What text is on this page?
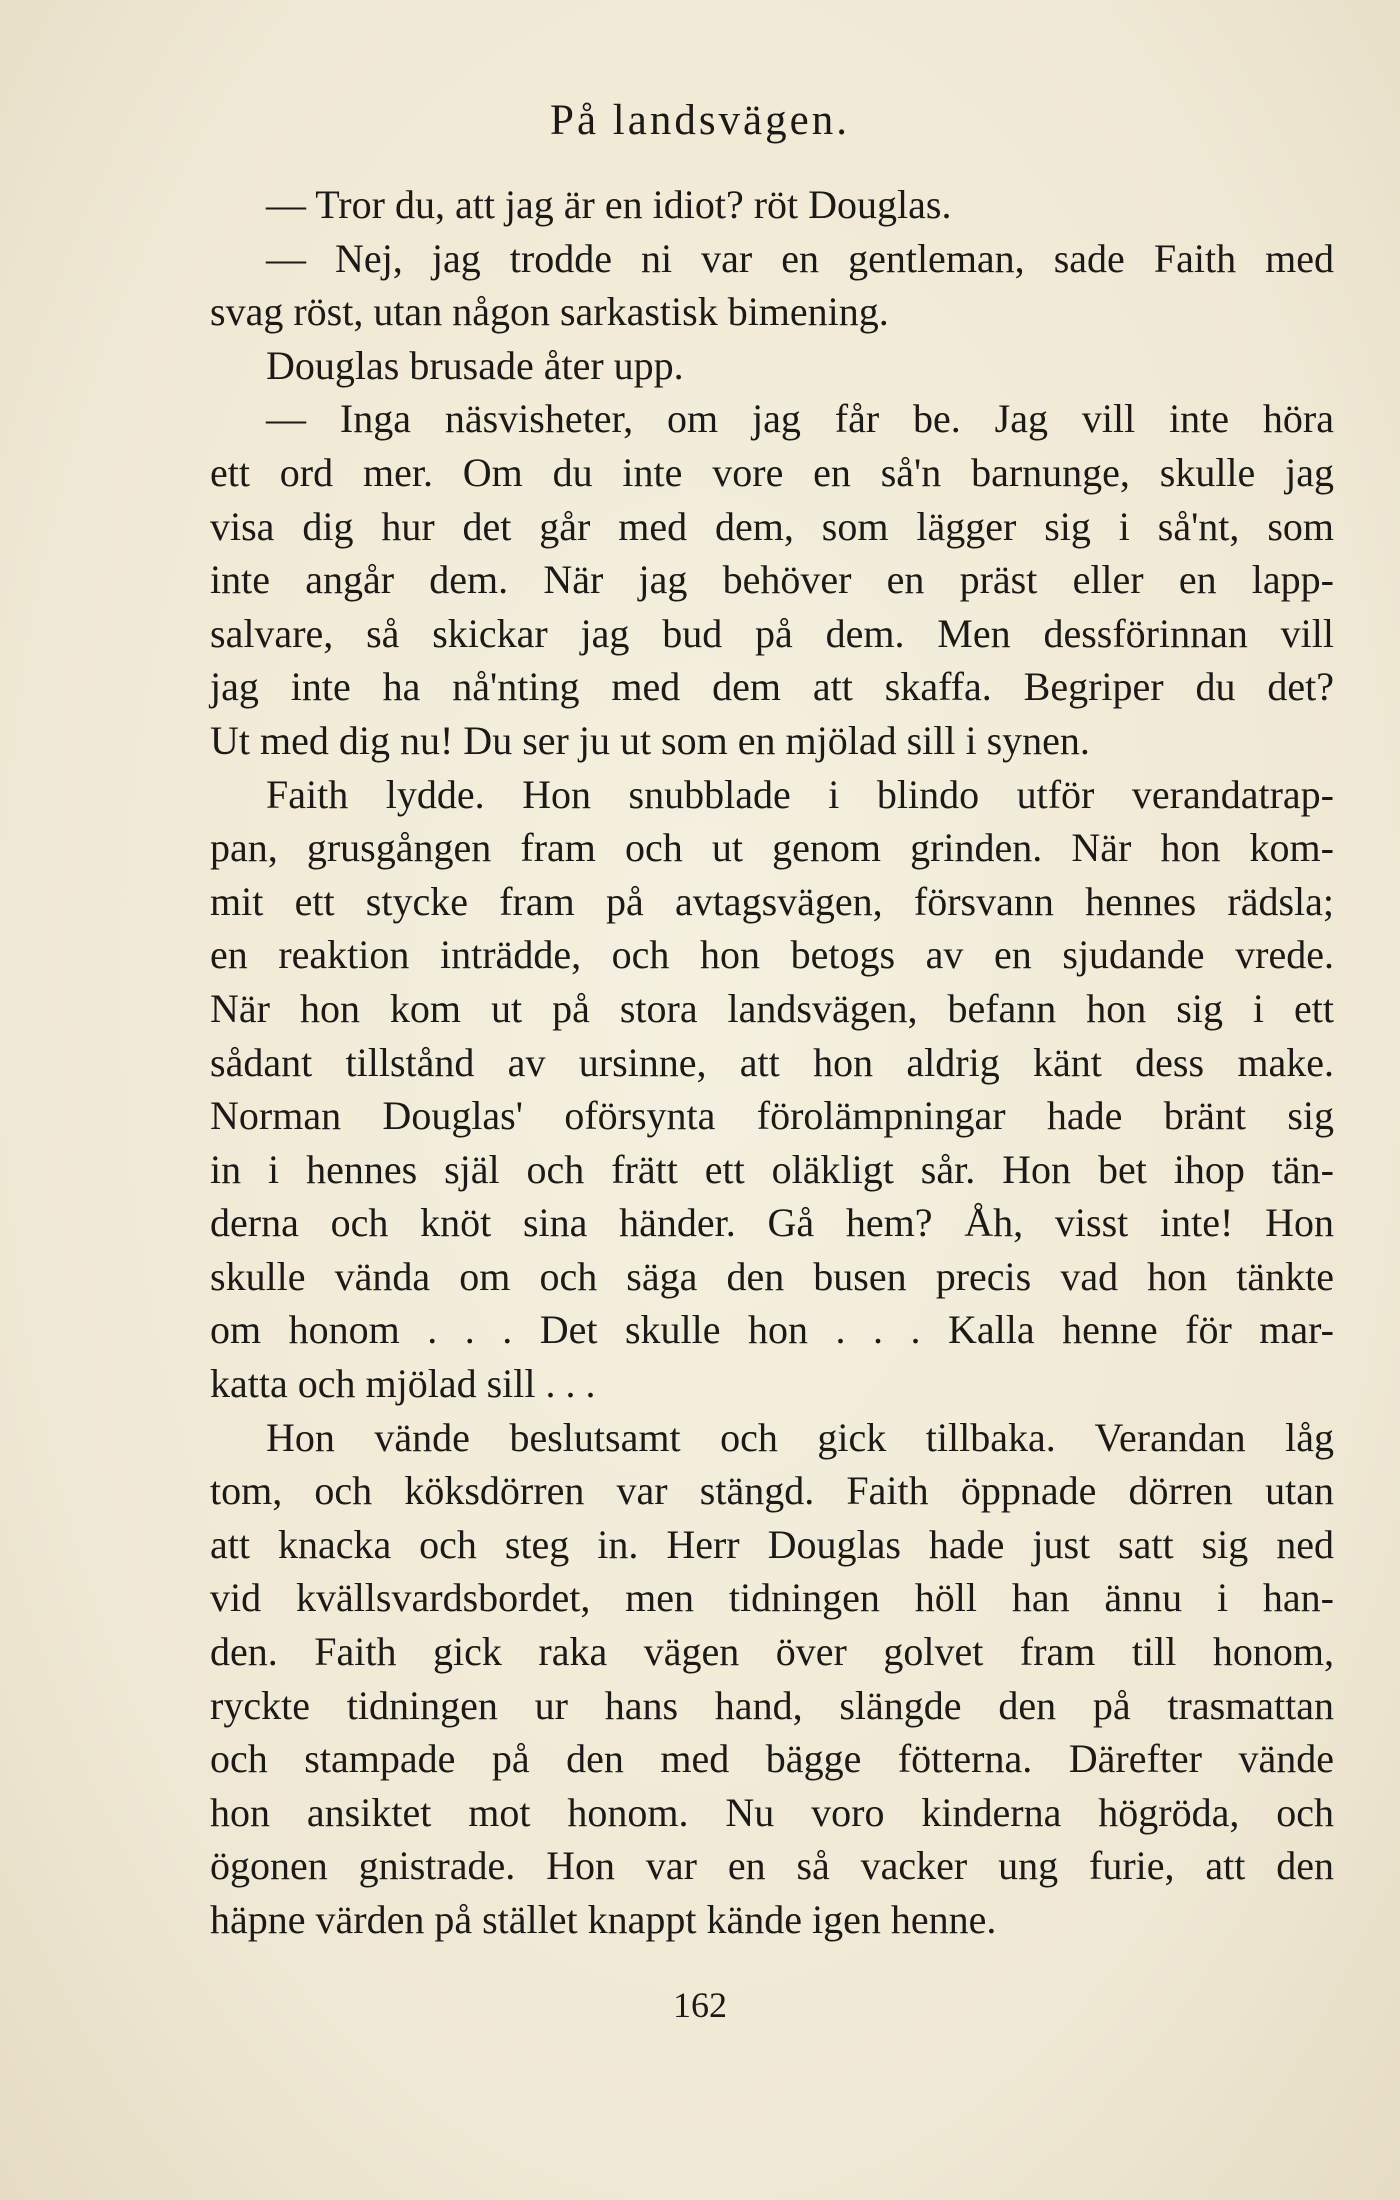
På landsvägen.
— Tror du, att jag är en idiot? röt Douglas.
— Nej, jag trodde ni var en gentleman, sade Faith med
svag röst, utan någon sarkastisk bimening.
Douglas brusade åter upp.
— Inga näsvisheter, om jag får be. Jag vill inte höra
ett ord mer. Om du inte vore en så'n barnunge, skulle jag
visa dig hur det går med dem, som lägger sig i så'nt, som
inte angår dem. När jag behöver en präst eller en lapp-
salvare, så skickar jag bud på dem. Men dessförinnan vill
jag inte ha nå'nting med dem att skaffa. Begriper du det?
Ut med dig nu! Du ser ju ut som en mjölad sill i synen.
Faith lydde. Hon snubblade i blindo utför verandatrap-
pan, grusgången fram och ut genom grinden. När hon kom-
mit ett stycke fram på avtagsvägen, försvann hennes rädsla;
en reaktion inträdde, och hon betogs av en sjudande vrede.
När hon kom ut på stora landsvägen, befann hon sig i ett
sådant tillstånd av ursinne, att hon aldrig känt dess make.
Norman Douglas' oförsynta förolämpningar hade bränt sig
in i hennes själ och frätt ett oläkligt sår. Hon bet ihop tän-
derna och knöt sina händer. Gå hem? Åh, visst inte! Hon
skulle vända om och säga den busen precis vad hon tänkte
om honom . . . Det skulle hon . . . Kalla henne för mar-
katta och mjölad sill . . .
Hon vände beslutsamt och gick tillbaka. Verandan låg
tom, och köksdörren var stängd. Faith öppnade dörren utan
att knacka och steg in. Herr Douglas hade just satt sig ned
vid kvällsvardsbordet, men tidningen höll han ännu i han-
den. Faith gick raka vägen över golvet fram till honom,
ryckte tidningen ur hans hand, slängde den på trasmattan
och stampade på den med bägge fötterna. Därefter vände
hon ansiktet mot honom. Nu voro kinderna högröda, och
ögonen gnistrade. Hon var en så vacker ung furie, att den
häpne värden på stället knappt kände igen henne.
162
